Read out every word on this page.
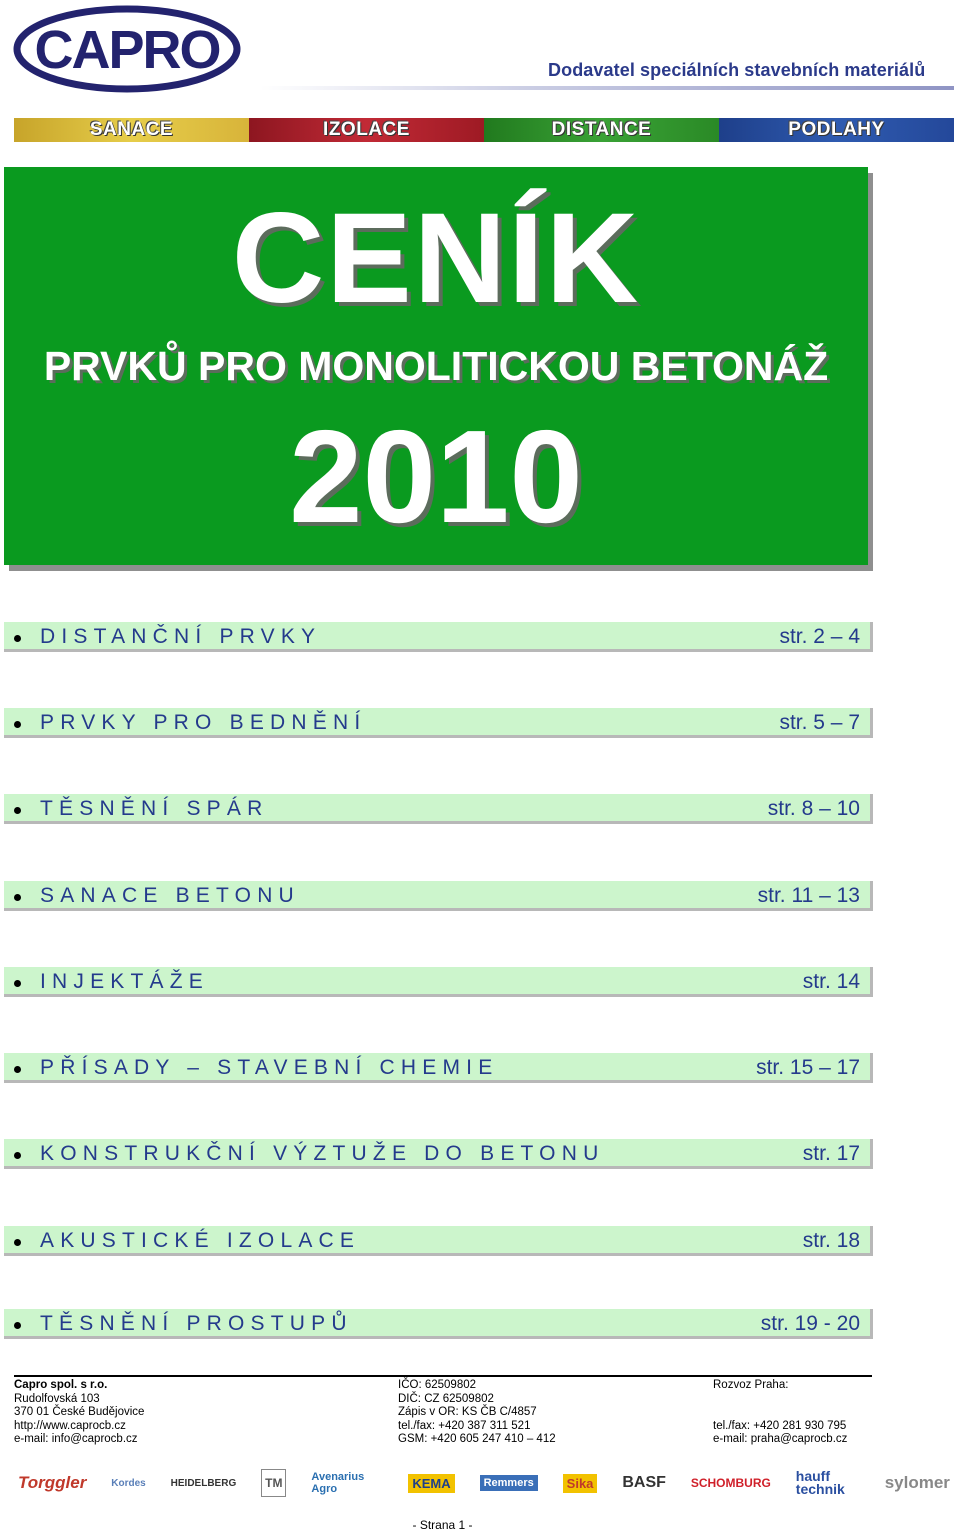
CAPRO	Dodavatel speciálních stavebních materiálů
SANACE	IZOLACE	DISTANCE	PODLAHY
CENÍK
PRVKŮ PRO MONOLITICKOU BETONÁŽ
2010
DISTANČNÍ PRVKY	str. 2 – 4
PRVKY PRO BEDNĚNÍ	str. 5 – 7
TĚSNĚNÍ SPÁR	str. 8 – 10
SANACE BETONU	str. 11 – 13
INJEKTÁŽE	str. 14
PŘÍSADY – STAVEBNÍ CHEMIE	str. 15 – 17
KONSTRUKČNÍ VÝZTUŽE DO BETONU	str. 17
AKUSTICKÉ IZOLACE	str. 18
TĚSNĚNÍ PROSTUPŮ	str. 19 - 20
Capro spol. s r.o.
Rudolfovská 103
370 01 České Budějovice
http://www.caprocb.cz
e-mail: info@caprocb.cz
IČO: 62509802
DIČ: CZ 62509802
Zápis v OR: KS ČB C/4857
tel./fax: +420 387 311 521
GSM: +420 605 247 410 – 412
Rozvoz Praha:
tel./fax: +420 281 930 795
e-mail: praha@caprocb.cz
Torggler Kordes HEIDELBERG	TM	Avenarius Agro	KEMA	Remmers	Sika BASF SCHOMBURG hauff technik	sylomer
- Strana 1 -
